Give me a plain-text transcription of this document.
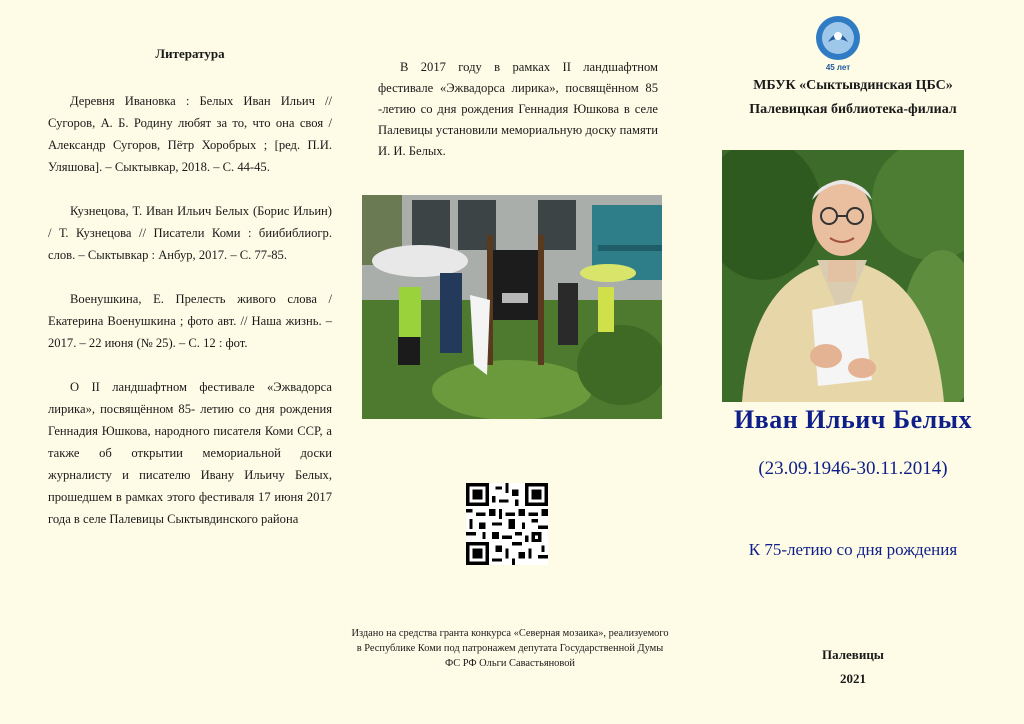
Литература

Деревня Ивановка : Белых Иван Ильич // Сугоров, А. Б. Родину любят за то, что она своя / Александр Сугоров, Пётр Хоробрых ; [ред. П.И. Уляшова]. – Сыктывкар, 2018. – С. 44-45.

Кузнецова, Т. Иван Ильич Белых (Борис Ильин) / Т. Кузнецова // Писатели Коми : биибиблиогр. слов. – Сыктывкар : Анбур, 2017. – С. 77-85.

Военушкина, Е. Прелесть живого слова / Екатерина Военушкина ; фото авт. // Наша жизнь. – 2017. – 22 июня (№ 25). – С. 12 : фот.

О II ландшафтном фестивале «Эжвадорса лирика», посвящённом 85- летию со дня рождения Геннадия Юшкова, народного писателя Коми ССР, а также об открытии мемориальной доски журналисту и писателю Ивану Ильичу Белых, прошедшем в рамках этого фестиваля 17 июня 2017 года в селе Палевицы Сыктывдинского района

В 2017 году в рамках II ландшафтном фестивале «Эжвадорса лирика», посвящённом 85 -летию со дня рождения Геннадия Юшкова в селе Палевицы установили мемориальную доску памяти И. И. Белых.

Издано на средства гранта конкурса «Северная мозаика», реализуемого в Республике Коми под патронажем депутата Государственной Думы ФС РФ Ольги Савастьяновой

45 лет
МБУК «Сыктывдинская ЦБС»
Палевицкая библиотека-филиал
Иван Ильич Белых
(23.09.1946-30.11.2014)
К 75-летию со дня рождения
Палевицы
2021
